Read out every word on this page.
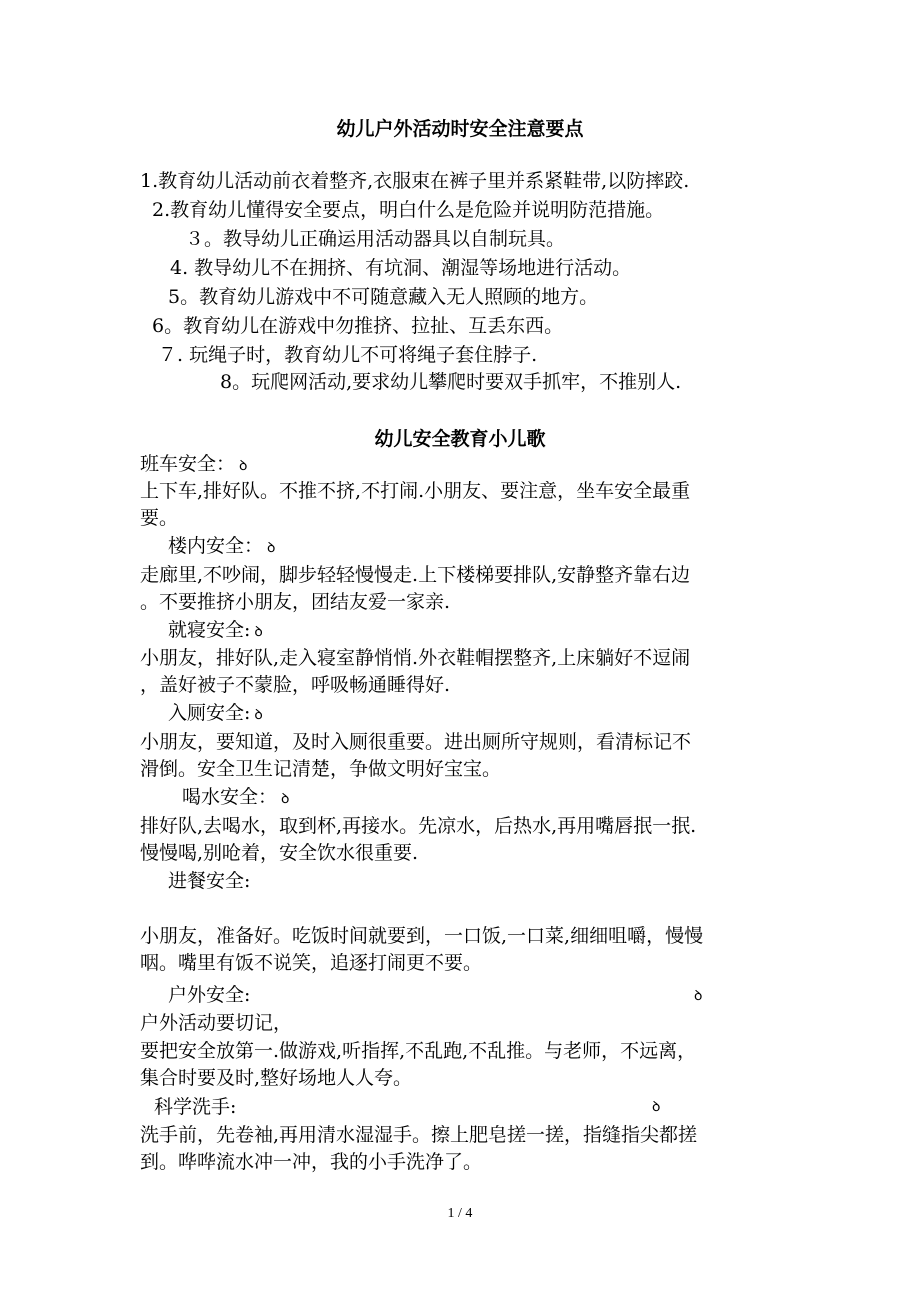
幼儿户外活动时安全注意要点
1.教育幼儿活动前衣着整齐,衣服束在裤子里并系紧鞋带,以防摔跤.
2.教育幼儿懂得安全要点，明白什么是危险并说明防范措施。
３。教导幼儿正确运用活动器具以自制玩具。
4. 教导幼儿不在拥挤、有坑洞、潮湿等场地进行活动。
5。教育幼儿游戏中不可随意藏入无人照顾的地方。
6。教育幼儿在游戏中勿推挤、拉扯、互丢东西。
７. 玩绳子时，教育幼儿不可将绳子套住脖子.
8。玩爬网活动,要求幼儿攀爬时要双手抓牢，不推别人.
幼儿安全教育小儿歌
班车安全： ꝺ
上下车,排好队。不推不挤,不打闹.小朋友、要注意，坐车安全最重
要。
楼内安全： ꝺ
走廊里,不吵闹，脚步轻轻慢慢走.上下楼梯要排队,安静整齐靠右边
。不要推挤小朋友，团结友爱一家亲.
就寝安全: ꝺ
小朋友，排好队,走入寝室静悄悄.外衣鞋帽摆整齐,上床躺好不逗闹
，盖好被子不蒙脸，呼吸畅通睡得好.
入厕安全: ꝺ
小朋友，要知道，及时入厕很重要。进出厕所守规则，看清标记不
滑倒。安全卫生记清楚，争做文明好宝宝。
喝水安全： ꝺ
排好队,去喝水，取到杯,再接水。先凉水，后热水,再用嘴唇抿一抿.
慢慢喝,别呛着，安全饮水很重要.
进餐安全:
小朋友，准备好。吃饭时间就要到，一口饭,一口菜,细细咀嚼，慢慢
咽。嘴里有饭不说笑，追逐打闹更不要。
户外安全:	ꝺ
户外活动要切记，
要把安全放第一.做游戏,听指挥,不乱跑,不乱推。与老师，不远离，
集合时要及时,整好场地人人夸。
科学洗手:	ꝺ
洗手前，先卷袖,再用清水湿湿手。擦上肥皂搓一搓，指缝指尖都搓
到。哗哗流水冲一冲，我的小手洗净了。
1 / 4
